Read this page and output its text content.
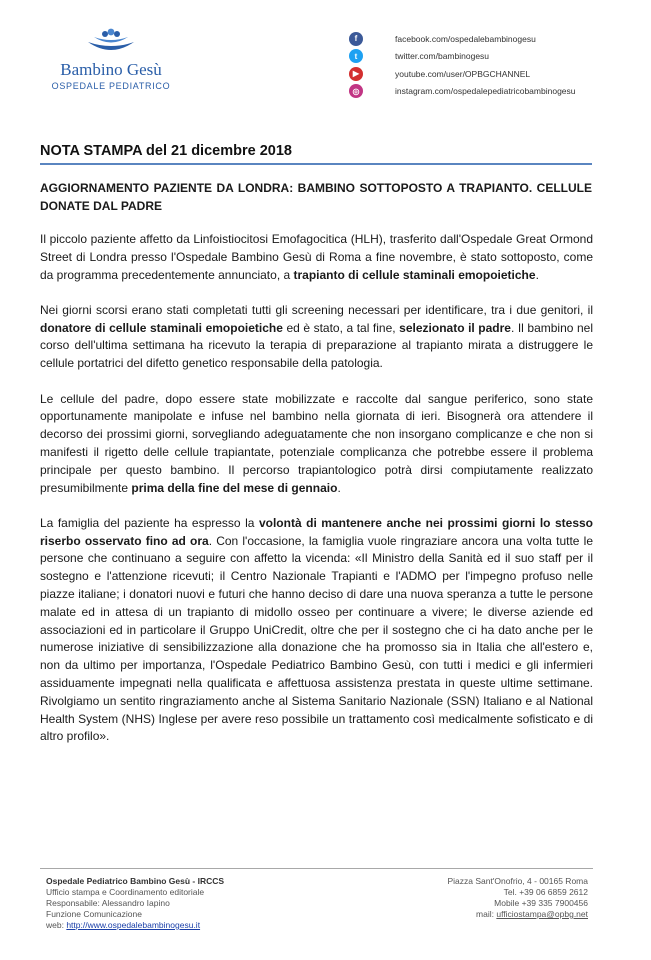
Bambino Gesù
OSPEDALE PEDIATRICO
f	facebook.com/ospedalebambinogesu
t	twitter.com/bambinogesu
▶	youtube.com/user/OPBGCHANNEL
◎	instagram.com/ospedalepediatricobambinogesu
NOTA STAMPA del 21 dicembre 2018
AGGIORNAMENTO PAZIENTE DA LONDRA: BAMBINO SOTTOPOSTO A TRAPIANTO. CELLULE DONATE DAL PADRE

Il piccolo paziente affetto da Linfoistiocitosi Emofagocitica (HLH), trasferito dall'Ospedale Great Ormond Street di Londra presso l'Ospedale Bambino Gesù di Roma a fine novembre, è stato sottoposto, come da programma precedentemente annunciato, a trapianto di cellule staminali emopoietiche.

Nei giorni scorsi erano stati completati tutti gli screening necessari per identificare, tra i due genitori, il donatore di cellule staminali emopoietiche ed è stato, a tal fine, selezionato il padre. Il bambino nel corso dell'ultima settimana ha ricevuto la terapia di preparazione al trapianto mirata a distruggere le cellule portatrici del difetto genetico responsabile della patologia.

Le cellule del padre, dopo essere state mobilizzate e raccolte dal sangue periferico, sono state opportunamente manipolate e infuse nel bambino nella giornata di ieri. Bisognerà ora attendere il decorso dei prossimi giorni, sorvegliando adeguatamente che non insorgano complicanze e che non si manifesti il rigetto delle cellule trapiantate, potenziale complicanza che potrebbe essere il problema principale per questo bambino. Il percorso trapiantologico potrà dirsi compiutamente realizzato presumibilmente prima della fine del mese di gennaio.

La famiglia del paziente ha espresso la volontà di mantenere anche nei prossimi giorni lo stesso riserbo osservato fino ad ora. Con l'occasione, la famiglia vuole ringraziare ancora una volta tutte le persone che continuano a seguire con affetto la vicenda: «Il Ministro della Sanità ed il suo staff per il sostegno e l'attenzione ricevuti; il Centro Nazionale Trapianti e l'ADMO per l'impegno profuso nelle piazze italiane; i donatori nuovi e futuri che hanno deciso di dare una nuova speranza a tutte le persone malate ed in attesa di un trapianto di midollo osseo per continuare a vivere; le diverse aziende ed associazioni ed in particolare il Gruppo UniCredit, oltre che per il sostegno che ci ha dato anche per le numerose iniziative di sensibilizzazione alla donazione che ha promosso sia in Italia che all'estero e, non da ultimo per importanza, l'Ospedale Pediatrico Bambino Gesù, con tutti i medici e gli infermieri assiduamente impegnati nella qualificata e affettuosa assistenza prestata in queste ultime settimane. Rivolgiamo un sentito ringraziamento anche al Sistema Sanitario Nazionale (SSN) Italiano e al National Health System (NHS) Inglese per avere reso possibile un trattamento così medicalmente sofisticato e di altro profilo».

Ospedale Pediatrico Bambino Gesù - IRCCS
Ufficio stampa e Coordinamento editoriale
Responsabile: Alessandro Iapino
Funzione Comunicazione
web: http://www.ospedalebambinogesu.it
Piazza Sant'Onofrio, 4 - 00165 Roma
Tel. +39 06 6859 2612
Mobile +39 335 7900456
mail: ufficiostampa@opbg.net
